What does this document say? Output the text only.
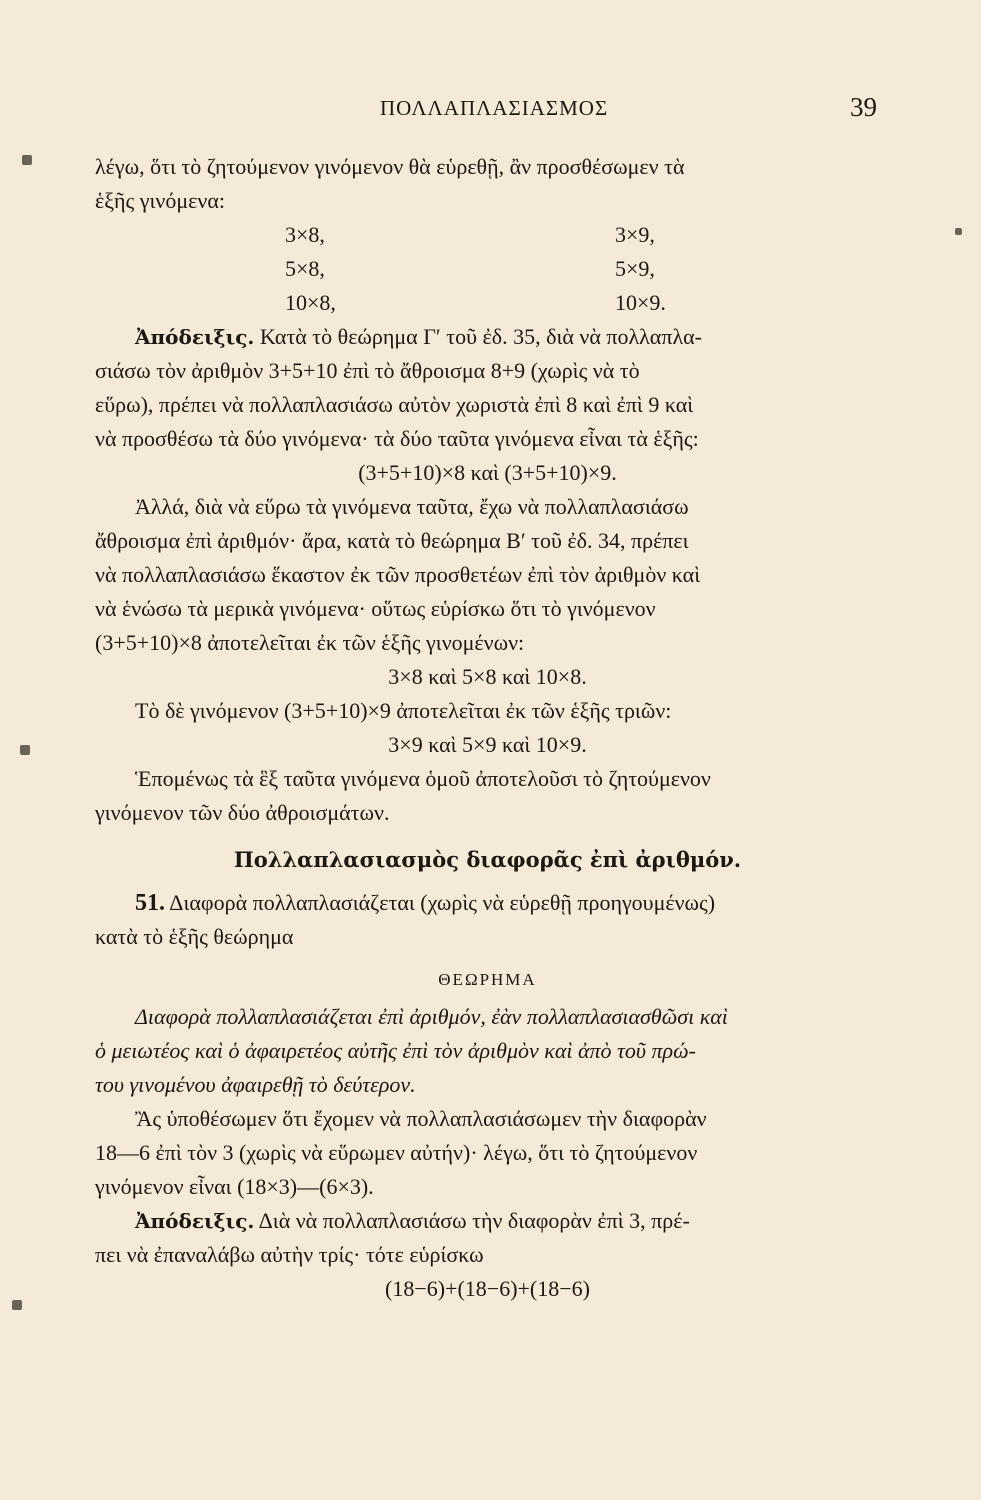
ΠΟΛΛΑΠΛΑΣΙΑΣΜΟΣ	39
λέγω, ὅτι τὸ ζητούμενον γινόμενον θὰ εὑρεθῇ, ἂν προσθέσωμεν τὰ
ἑξῆς γινόμενα:
3×8,	3×9,
5×8,	5×9,
10×8,	10×9.
Ἀπόδειξις. Κατὰ τὸ θεώρημα Γ′ τοῦ ἐδ. 35, διὰ νὰ πολλαπλα-
σιάσω τὸν ἀριθμὸν 3+5+10 ἐπὶ τὸ ἄθροισμα 8+9 (χωρὶς νὰ τὸ
εὕρω), πρέπει νὰ πολλαπλασιάσω αὐτὸν χωριστὰ ἐπὶ 8 καὶ ἐπὶ 9 καὶ
νὰ προσθέσω τὰ δύο γινόμενα· τὰ δύο ταῦτα γινόμενα εἶναι τὰ ἑξῆς:
(3+5+10)×8 καὶ (3+5+10)×9.
Ἀλλά, διὰ νὰ εὕρω τὰ γινόμενα ταῦτα, ἔχω νὰ πολλαπλασιάσω
ἄθροισμα ἐπὶ ἀριθμόν· ἄρα, κατὰ τὸ θεώρημα Β′ τοῦ ἐδ. 34, πρέπει
νὰ πολλαπλασιάσω ἕκαστον ἐκ τῶν προσθετέων ἐπὶ τὸν ἀριθμὸν καὶ
νὰ ἑνώσω τὰ μερικὰ γινόμενα· οὕτως εὑρίσκω ὅτι τὸ γινόμενον
(3+5+10)×8 ἀποτελεῖται ἐκ τῶν ἑξῆς γινομένων:
3×8 καὶ 5×8 καὶ 10×8.
Τὸ δὲ γινόμενον (3+5+10)×9 ἀποτελεῖται ἐκ τῶν ἑξῆς τριῶν:
3×9 καὶ 5×9 καὶ 10×9.
Ἑπομένως τὰ ἓξ ταῦτα γινόμενα ὁμοῦ ἀποτελοῦσι τὸ ζητούμενον
γινόμενον τῶν δύο ἀθροισμάτων.
Πολλαπλασιασμὸς διαφορᾶς ἐπὶ ἀριθμόν.
51. Διαφορὰ πολλαπλασιάζεται (χωρὶς νὰ εὑρεθῇ προηγουμένως)
κατὰ τὸ ἑξῆς θεώρημα
ΘΕΩΡΗΜΑ
Διαφορὰ πολλαπλασιάζεται ἐπὶ ἀριθμόν, ἐὰν πολλαπλασιασθῶσι καὶ
ὁ μειωτέος καὶ ὁ ἀφαιρετέος αὐτῆς ἐπὶ τὸν ἀριθμὸν καὶ ἀπὸ τοῦ πρώ-
του γινομένου ἀφαιρεθῇ τὸ δεύτερον.
Ἂς ὑποθέσωμεν ὅτι ἔχομεν νὰ πολλαπλασιάσωμεν τὴν διαφορὰν
18—6 ἐπὶ τὸν 3 (χωρὶς νὰ εὕρωμεν αὐτήν)· λέγω, ὅτι τὸ ζητούμενον
γινόμενον εἶναι (18×3)—(6×3).
Ἀπόδειξις. Διὰ νὰ πολλαπλασιάσω τὴν διαφορὰν ἐπὶ 3, πρέ-
πει νὰ ἐπαναλάβω αὐτὴν τρίς· τότε εὑρίσκω
(18−6)+(18−6)+(18−6)
